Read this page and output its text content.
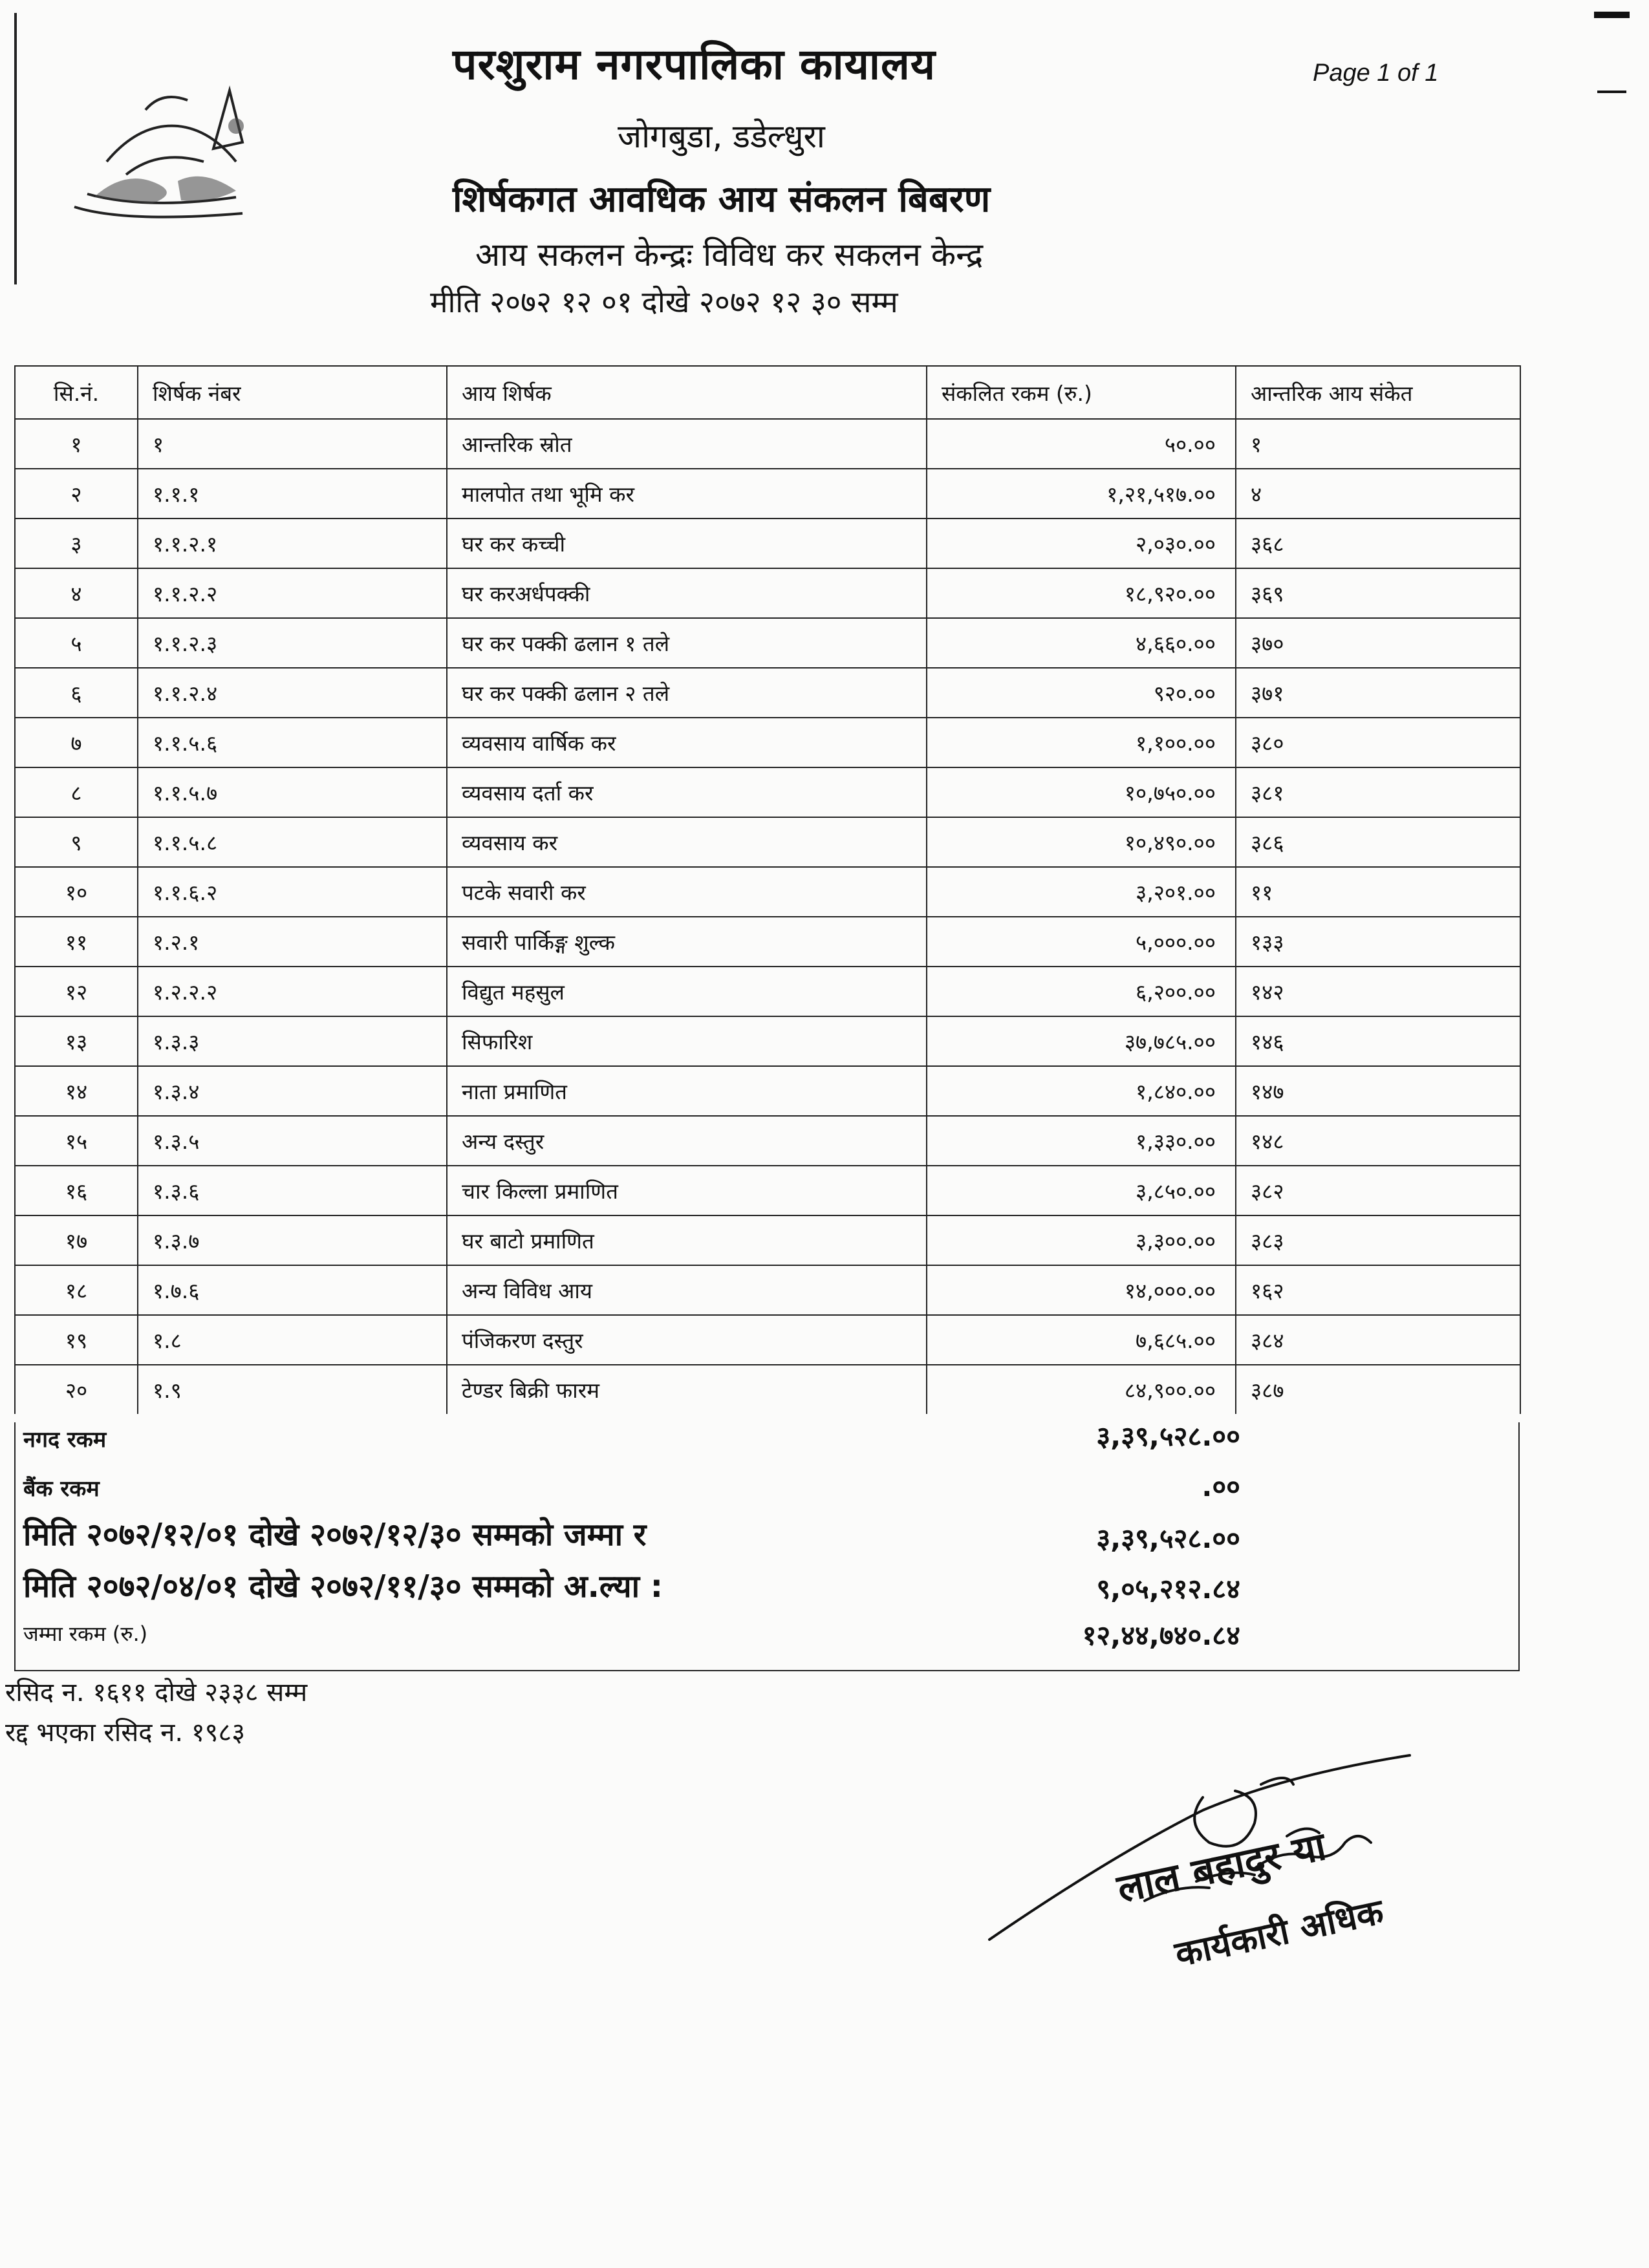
परशुराम नगरपालिका कायालय	Page 1 of 1
जोगबुडा, डडेल्धुरा
शिर्षकगत आवधिक आय संकलन बिबरण
आय सकलन केन्द्रः विविध कर सकलन केन्द्र
मीति २०७२ १२ ०१ दोखे २०७२ १२ ३० सम्म
सि.नं.	शिर्षक नंबर	आय शिर्षक	संकलित रकम (रु.)	आन्तरिक आय संकेत
१	१	आन्तरिक स्रोत	५०.००	१
२	१.१.१	मालपोत तथा भूमि कर	१,२१,५१७.००	४
३	१.१.२.१	घर कर कच्ची	२,०३०.००	३६८
४	१.१.२.२	घर करअर्धपक्की	१८,९२०.००	३६९
५	१.१.२.३	घर कर पक्की ढलान १ तले	४,६६०.००	३७०
६	१.१.२.४	घर कर पक्की ढलान २ तले	९२०.००	३७१
७	१.१.५.६	व्यवसाय वार्षिक कर	१,१००.००	३८०
८	१.१.५.७	व्यवसाय दर्ता कर	१०,७५०.००	३८१
९	१.१.५.८	व्यवसाय कर	१०,४९०.००	३८६
१०	१.१.६.२	पटके सवारी कर	३,२०१.००	११
११	१.२.१	सवारी पार्किङ्ग शुल्क	५,०००.००	१३३
१२	१.२.२.२	विद्युत महसुल	६,२००.००	१४२
१३	१.३.३	सिफारिश	३७,७८५.००	१४६
१४	१.३.४	नाता प्रमाणित	१,८४०.००	१४७
१५	१.३.५	अन्य दस्तुर	१,३३०.००	१४८
१६	१.३.६	चार किल्ला प्रमाणित	३,८५०.००	३८२
१७	१.३.७	घर बाटो प्रमाणित	३,३००.००	३८३
१८	१.७.६	अन्य विविध आय	१४,०००.००	१६२
१९	१.८	पंजिकरण दस्तुर	७,६८५.००	३८४
२०	१.९	टेण्डर बिक्री फारम	८४,९००.००	३८७
नगद रकम	३,३९,५२८.००
बैंक रकम	.००
मिति २०७२/१२/०१ दोखे २०७२/१२/३० सम्मको जम्मा र	३,३९,५२८.००
मिति २०७२/०४/०१ दोखे २०७२/११/३० सम्मको अ.ल्या :	९,०५,२१२.८४
जम्मा रकम (रु.)	१२,४४,७४०.८४
रसिद न. १६११ दोखे २३३८ सम्म
रद्द भएका रसिद न. १९८३
लाल बहादुर या
कार्यकारी अधिक
